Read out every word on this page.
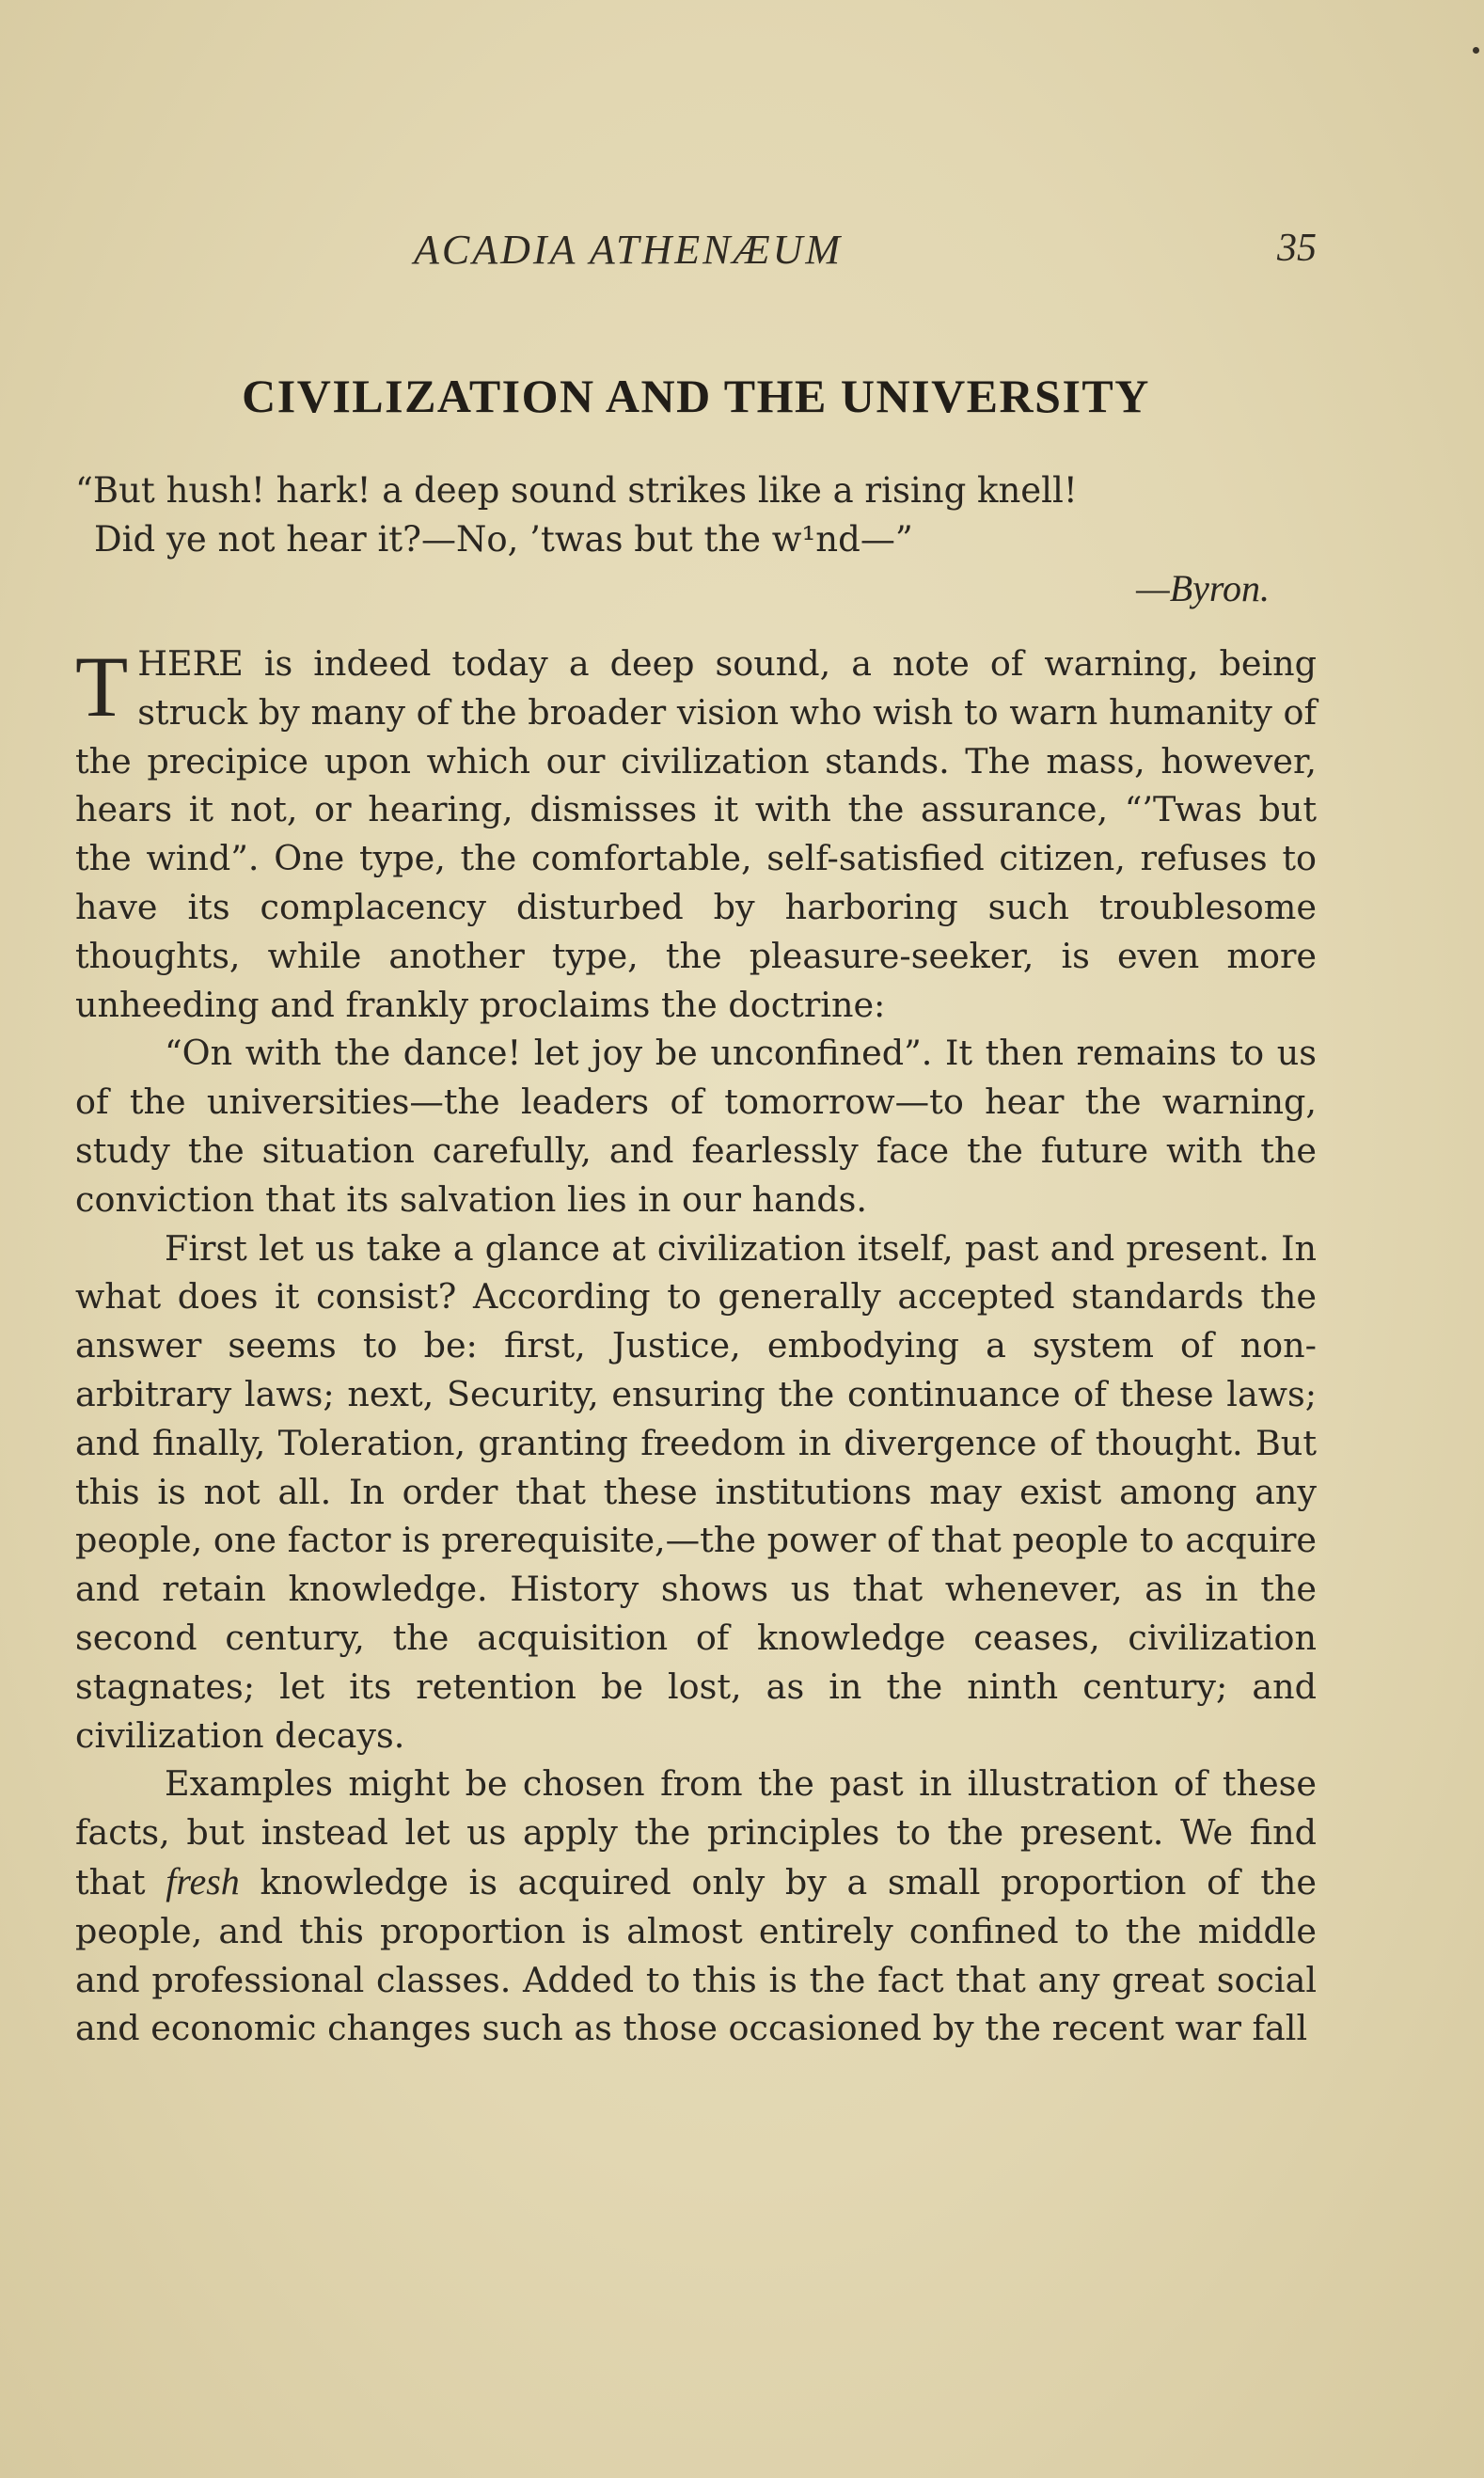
ACADIA ATHENÆUM	35
CIVILIZATION AND THE UNIVERSITY
“But hush! hark! a deep sound strikes like a rising knell!
Did ye not hear it?—No, ’twas but the w¹nd—”
—Byron.

THERE is indeed today a deep sound, a note of warning, being struck by many of the broader vision who wish to warn humanity of the precipice upon which our civilization stands. The mass, however, hears it not, or hearing, dismisses it with the assurance, “’Twas but the wind”. One type, the comfortable, self-satisfied citizen, refuses to have its complacency disturbed by harboring such troublesome thoughts, while another type, the pleasure-seeker, is even more unheeding and frankly proclaims the doctrine:

“On with the dance! let joy be unconfined”. It then remains to us of the universities—the leaders of tomorrow—to hear the warning, study the situation carefully, and fearlessly face the future with the conviction that its salvation lies in our hands.

First let us take a glance at civilization itself, past and present. In what does it consist? According to generally accepted standards the answer seems to be: first, Justice, embodying a system of non-arbitrary laws; next, Security, ensuring the continuance of these laws; and finally, Toleration, granting freedom in divergence of thought. But this is not all. In order that these institutions may exist among any people, one factor is prerequisite,—the power of that people to acquire and retain knowledge. History shows us that whenever, as in the second century, the acquisition of knowledge ceases, civilization stagnates; let its retention be lost, as in the ninth century; and civilization decays.

Examples might be chosen from the past in illustration of these facts, but instead let us apply the principles to the present. We find that fresh knowledge is acquired only by a small proportion of the people, and this proportion is almost entirely confined to the middle and professional classes. Added to this is the fact that any great social and economic changes such as those occasioned by the recent war fall
